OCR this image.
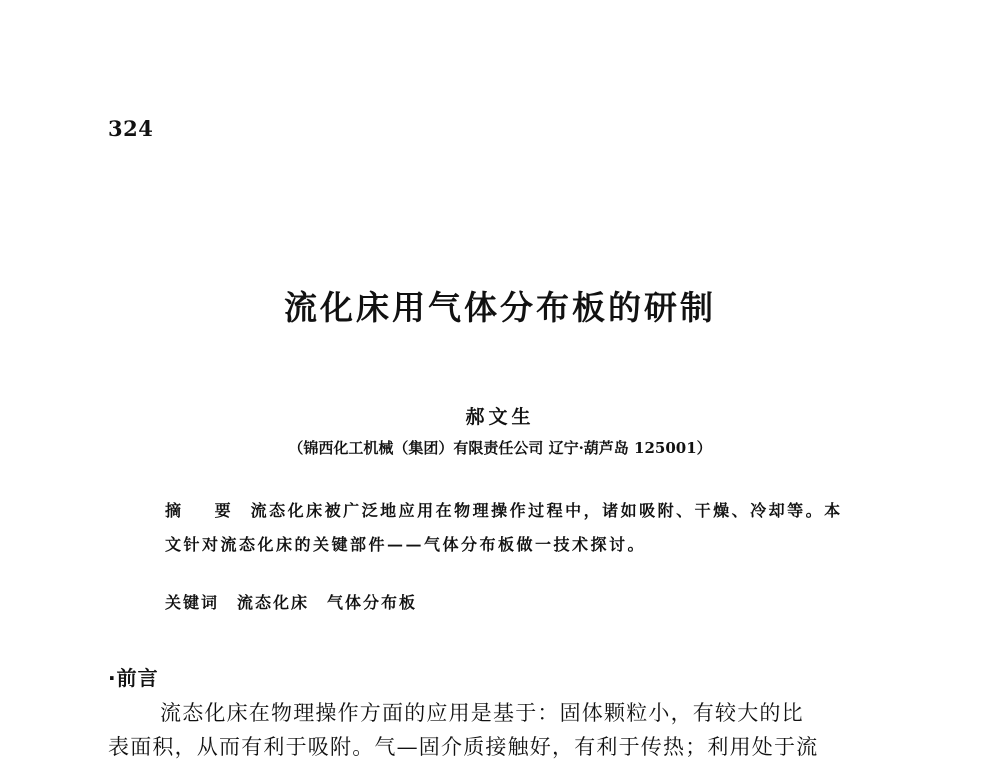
324
流化床用气体分布板的研制
郝文生
（锦西化工机械（集团）有限责任公司 辽宁·葫芦岛 125001）
摘 要 流态化床被广泛地应用在物理操作过程中，诸如吸附、干燥、冷却等。本文针对流态化床的关键部件——气体分布板做一技术探讨。
关键词 流态化床 气体分布板
·前言
流态化床在物理操作方面的应用是基于：固体颗粒小，有较大的比
表面积，从而有利于吸附。气—固介质接触好，有利于传热；利用处于流
